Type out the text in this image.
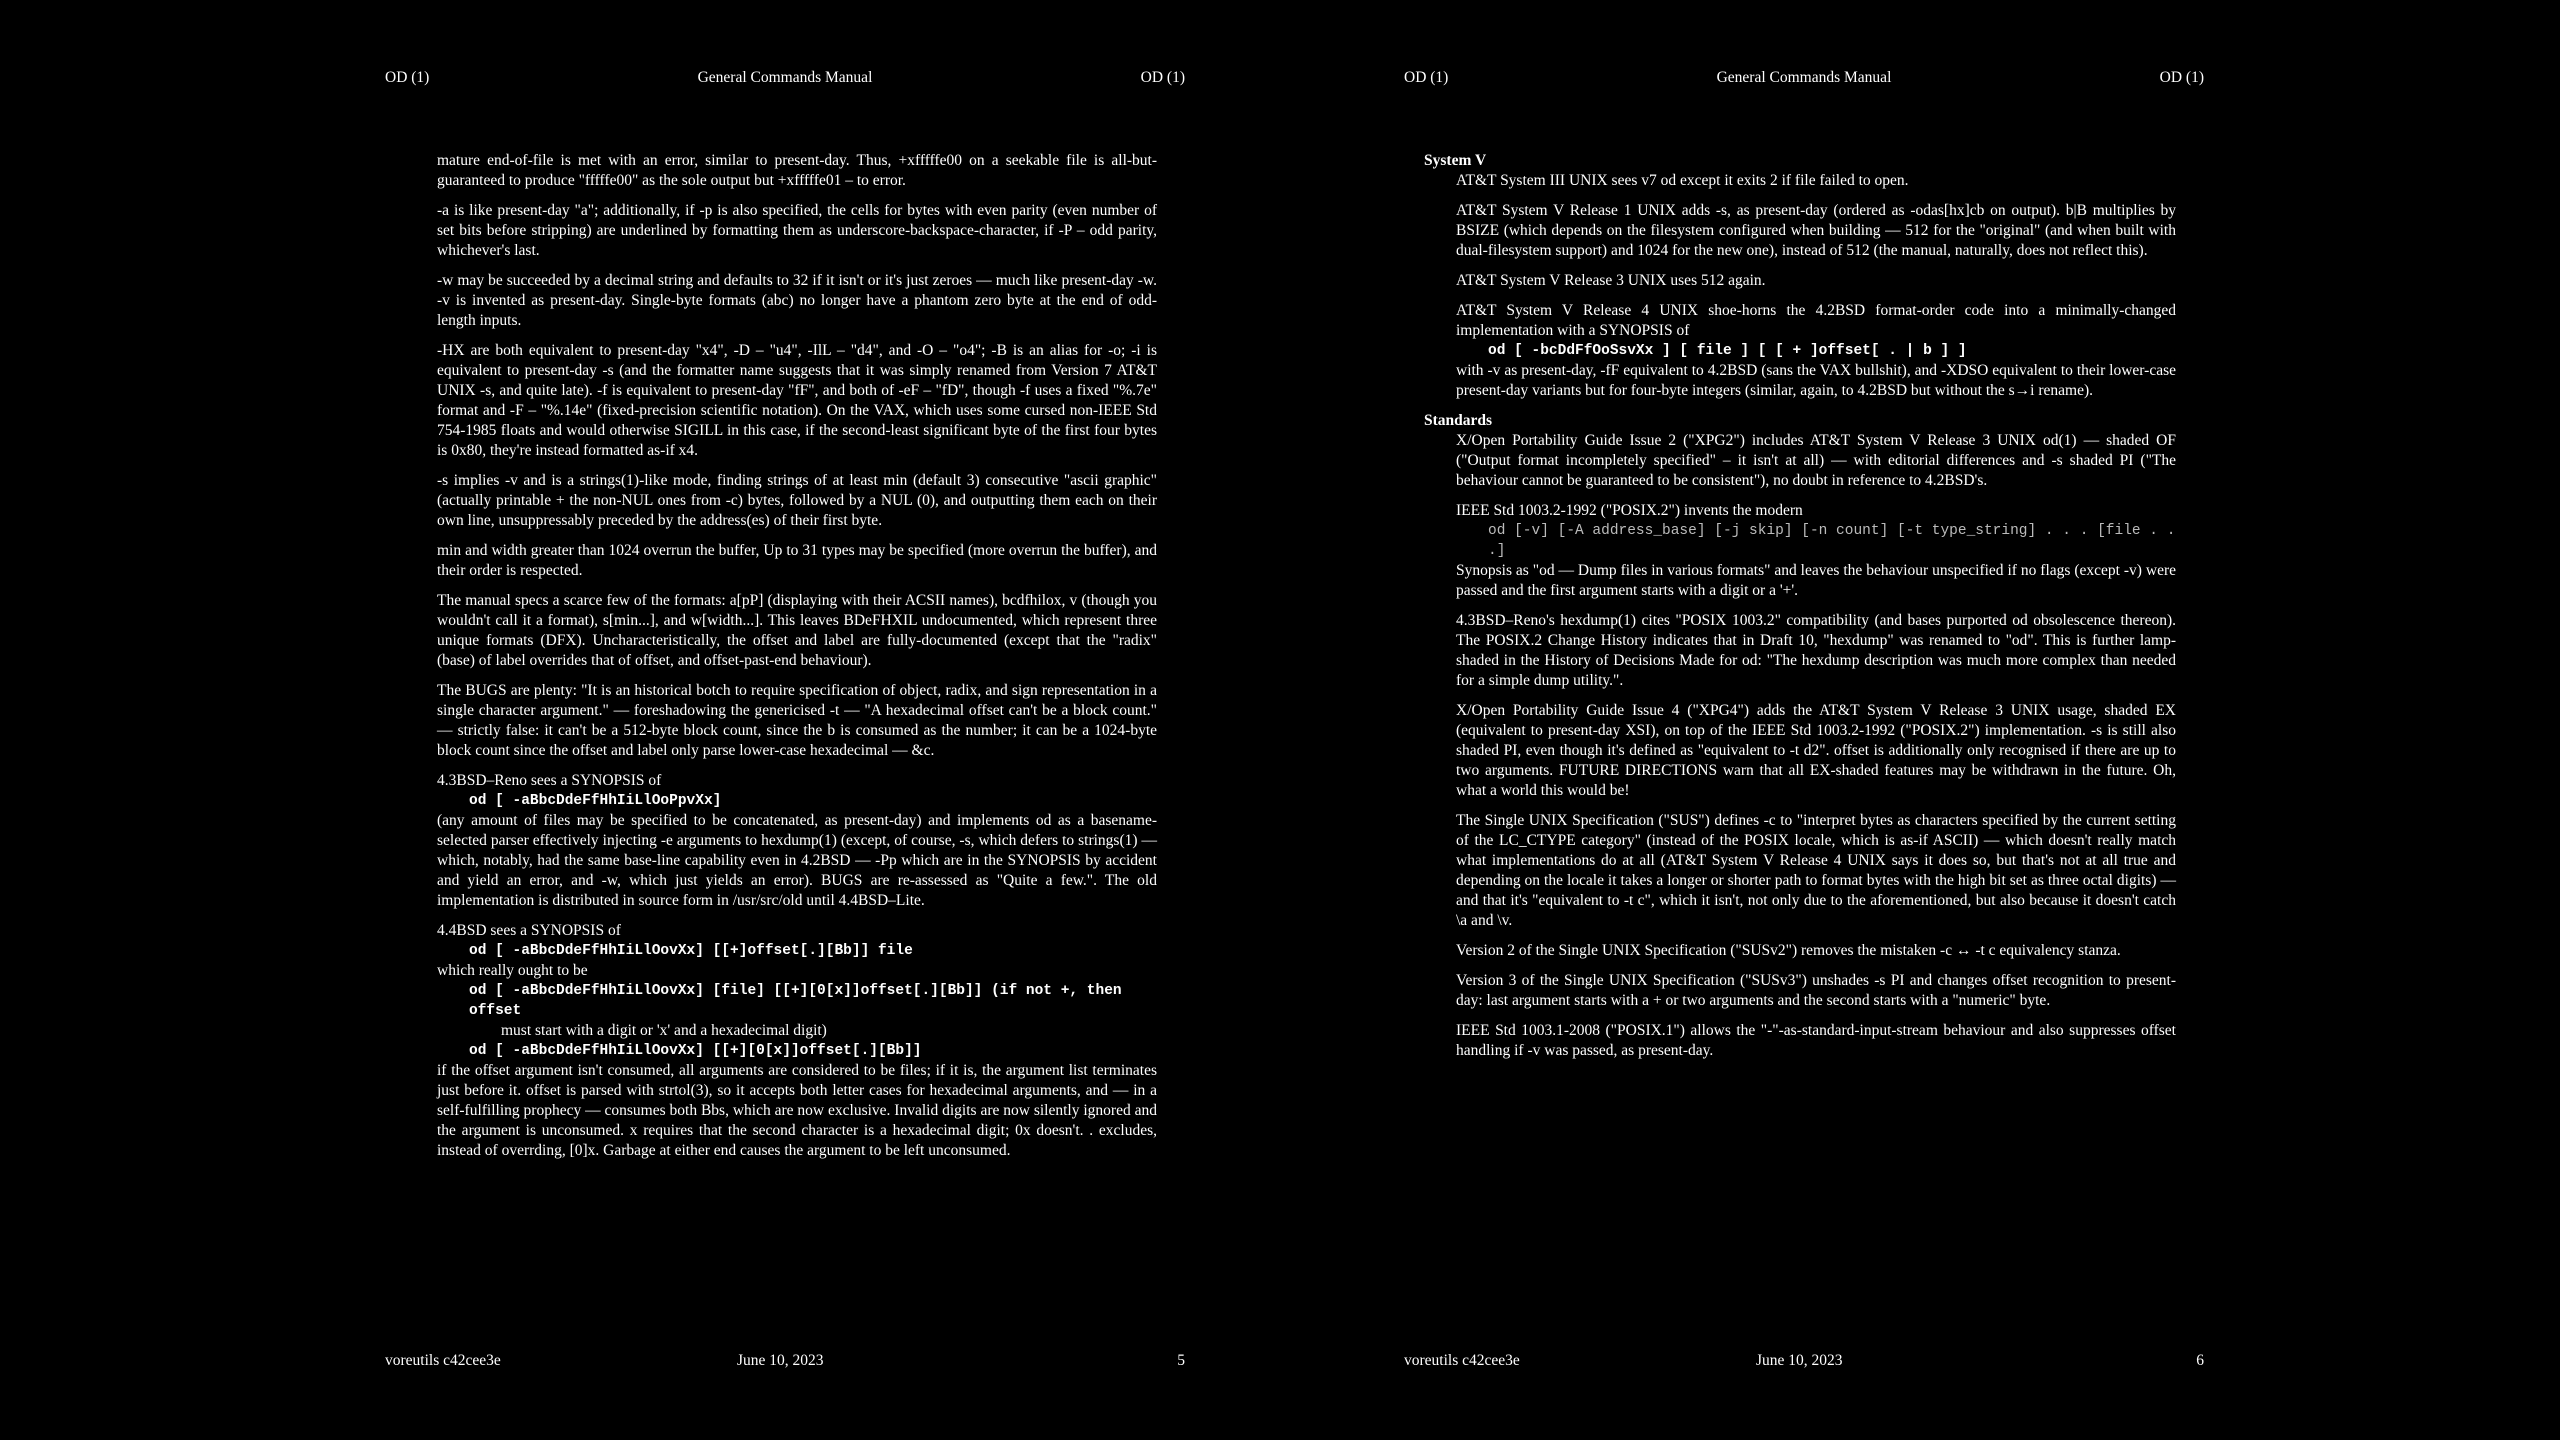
OD (1)	General Commands Manual	OD (1)

mature end-of-file is met with an error, similar to present-day. Thus, +xfffffe00 on a seekable file is all-but-guaranteed to produce "fffffe00" as the sole output but +xfffffe01 – to error.

-a is like present-day "a"; additionally, if -p is also specified, the cells for bytes with even parity (even number of set bits before stripping) are underlined by formatting them as underscore-backspace-character, if -P – odd parity, whichever's last.

-w may be succeeded by a decimal string and defaults to 32 if it isn't or it's just zeroes — much like present-day -w. -v is invented as present-day. Single-byte formats (abc) no longer have a phantom zero byte at the end of odd-length inputs.

-HX are both equivalent to present-day "x4", -D – "u4", -IlL – "d4", and -O – "o4"; -B is an alias for -o; -i is equivalent to present-day -s (and the formatter name suggests that it was simply renamed from Version 7 AT&T UNIX -s, and quite late). -f is equivalent to present-day "fF", and both of -eF – "fD", though -f uses a fixed "%.7e" format and -F – "%.14e" (fixed-precision scientific notation). On the VAX, which uses some cursed non-IEEE Std 754-1985 floats and would otherwise SIGILL in this case, if the second-least significant byte of the first four bytes is 0x80, they're instead formatted as-if x4.

-s implies -v and is a strings(1)-like mode, finding strings of at least min (default 3) consecutive "ascii graphic" (actually printable + the non-NUL ones from -c) bytes, followed by a NUL (0), and outputting them each on their own line, unsuppressably preceded by the address(es) of their first byte.

min and width greater than 1024 overrun the buffer, Up to 31 types may be specified (more overrun the buffer), and their order is respected.

The manual specs a scarce few of the formats: a[pP] (displaying with their ACSII names), bcdfhilox, v (though you wouldn't call it a format), s[min...], and w[width...]. This leaves BDeFHXIL undocumented, which represent three unique formats (DFX). Uncharacteristically, the offset and label are fully-documented (except that the "radix" (base) of label overrides that of offset, and offset-past-end behaviour).

The BUGS are plenty: "It is an historical botch to require specification of object, radix, and sign representation in a single character argument." — foreshadowing the genericised -t — "A hexadecimal offset can't be a block count." — strictly false: it can't be a 512-byte block count, since the b is consumed as the number; it can be a 1024-byte block count since the offset and label only parse lower-case hexadecimal — &c.

4.3BSD–Reno sees a SYNOPSIS of
od [ -aBbcDdeFfHhIiLlOoPpvXx]

(any amount of files may be specified to be concatenated, as present-day) and implements od as a basename-selected parser effectively injecting -e arguments to hexdump(1) (except, of course, -s, which defers to strings(1) — which, notably, had the same base-line capability even in 4.2BSD — -Pp which are in the SYNOPSIS by accident and yield an error, and -w, which just yields an error). BUGS are re-assessed as "Quite a few.". The old implementation is distributed in source form in /usr/src/old until 4.4BSD–Lite.

4.4BSD sees a SYNOPSIS of
od [ -aBbcDdeFfHhIiLlOovXx] [[+]offset[.][Bb]] file
which really ought to be
od [ -aBbcDdeFfHhIiLlOovXx] [file] [[+][0[x]]offset[.][Bb]] (if not +, then offset
must start with a digit or 'x' and a hexadecimal digit)
od [ -aBbcDdeFfHhIiLlOovXx] [[+][0[x]]offset[.][Bb]]

if the offset argument isn't consumed, all arguments are considered to be files; if it is, the argument list terminates just before it. offset is parsed with strtol(3), so it accepts both letter cases for hexadecimal arguments, and — in a self-fulfilling prophecy — consumes both Bbs, which are now exclusive. Invalid digits are now silently ignored and the argument is unconsumed. x requires that the second character is a hexadecimal digit; 0x doesn't. . excludes, instead of overrding, [0]x. Garbage at either end causes the argument to be left unconsumed.

voreutils c42cee3e	June 10, 2023	5
OD (1)	General Commands Manual	OD (1)
System V

AT&T System III UNIX sees v7 od except it exits 2 if file failed to open.

AT&T System V Release 1 UNIX adds -s, as present-day (ordered as -odas[hx]cb on output). b|B multiplies by BSIZE (which depends on the filesystem configured when building — 512 for the "original" (and when built with dual-filesystem support) and 1024 for the new one), instead of 512 (the manual, naturally, does not reflect this).

AT&T System V Release 3 UNIX uses 512 again.

AT&T System V Release 4 UNIX shoe-horns the 4.2BSD format-order code into a minimally-changed implementation with a SYNOPSIS of
od [ -bcDdFfOoSsvXx ] [ file ] [ [ + ]offset[ . | b ] ]

with -v as present-day, -fF equivalent to 4.2BSD (sans the VAX bullshit), and -XDSO equivalent to their lower-case present-day variants but for four-byte integers (similar, again, to 4.2BSD but without the s→i rename).

Standards

X/Open Portability Guide Issue 2 ("XPG2") includes AT&T System V Release 3 UNIX od(1) — shaded OF ("Output format incompletely specified" – it isn't at all) — with editorial differences and -s shaded PI ("The behaviour cannot be guaranteed to be consistent"), no doubt in reference to 4.2BSD's.

IEEE Std 1003.2-1992 ("POSIX.2") invents the modern
od [-v] [-A address_base] [-j skip] [-n count] [-t type_string] . . . [file . . .]

Synopsis as "od — Dump files in various formats" and leaves the behaviour unspecified if no flags (except -v) were passed and the first argument starts with a digit or a '+'.

4.3BSD–Reno's hexdump(1) cites "POSIX 1003.2" compatibility (and bases purported od obsolescence thereon). The POSIX.2 Change History indicates that in Draft 10, "hexdump" was renamed to "od". This is further lamp-shaded in the History of Decisions Made for od: "The hexdump description was much more complex than needed for a simple dump utility.".

X/Open Portability Guide Issue 4 ("XPG4") adds the AT&T System V Release 3 UNIX usage, shaded EX (equivalent to present-day XSI), on top of the IEEE Std 1003.2-1992 ("POSIX.2") implementation. -s is still also shaded PI, even though it's defined as "equivalent to -t d2". offset is additionally only recognised if there are up to two arguments. FUTURE DIRECTIONS warn that all EX-shaded features may be withdrawn in the future. Oh, what a world this would be!

The Single UNIX Specification ("SUS") defines -c to "interpret bytes as characters specified by the current setting of the LC_CTYPE category" (instead of the POSIX locale, which is as-if ASCII) — which doesn't really match what implementations do at all (AT&T System V Release 4 UNIX says it does so, but that's not at all true and depending on the locale it takes a longer or shorter path to format bytes with the high bit set as three octal digits) — and that it's "equivalent to -t c", which it isn't, not only due to the aforementioned, but also because it doesn't catch \a and \v.

Version 2 of the Single UNIX Specification ("SUSv2") removes the mistaken -c ↔ -t c equivalency stanza.

Version 3 of the Single UNIX Specification ("SUSv3") unshades -s PI and changes offset recognition to present-day: last argument starts with a + or two arguments and the second starts with a "numeric" byte.

IEEE Std 1003.1-2008 ("POSIX.1") allows the "-"-as-standard-input-stream behaviour and also suppresses offset handling if -v was passed, as present-day.

voreutils c42cee3e	June 10, 2023	6
